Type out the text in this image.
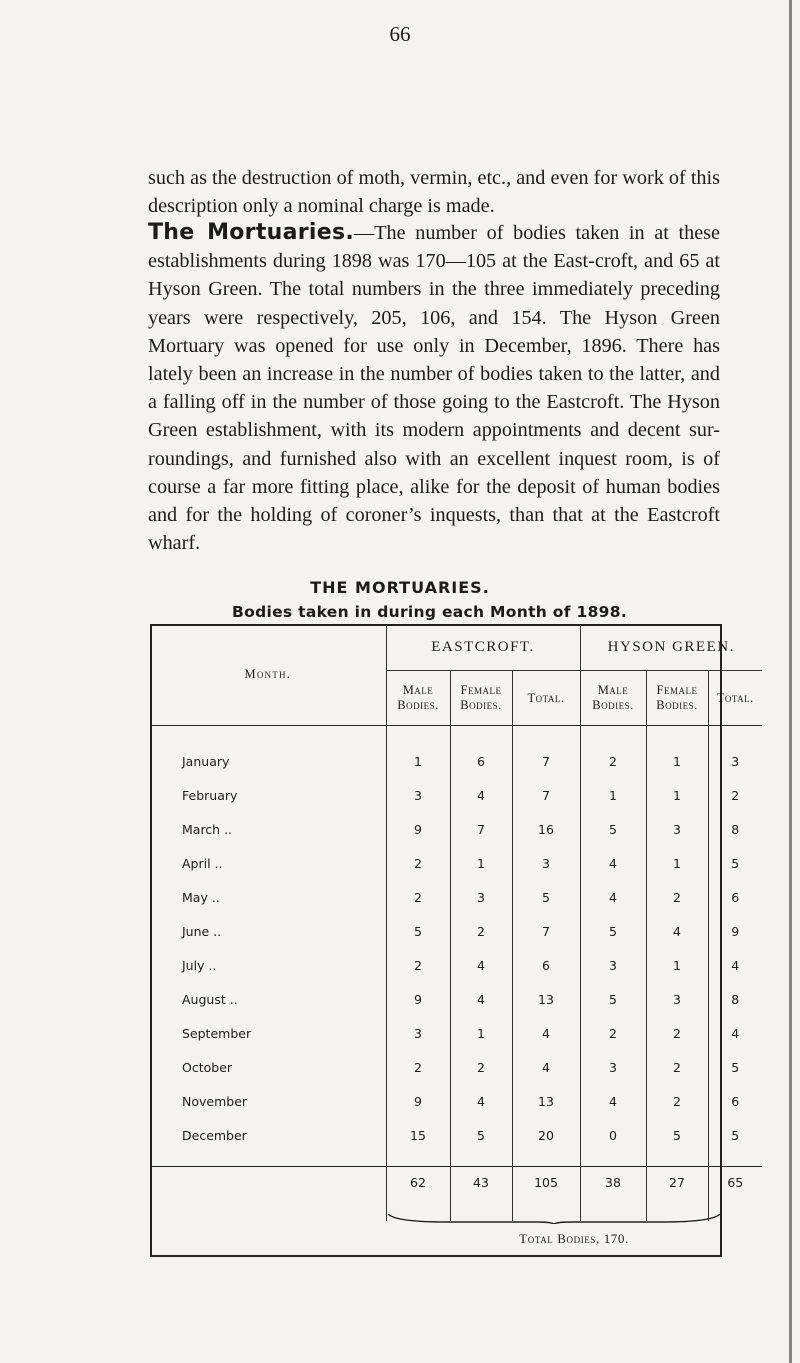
66

such as the destruction of moth, vermin, etc., and even for work of this description only a nominal charge is made.

The Mortuaries.—The number of bodies taken in at these establishments during 1898 was 170—105 at the East-croft, and 65 at Hyson Green. The total numbers in the three immediately preceding years were respectively, 205, 106, and 154. The Hyson Green Mortuary was opened for use only in December, 1896. There has lately been an increase in the number of bodies taken to the latter, and a falling off in the number of those going to the Eastcroft. The Hyson Green establishment, with its modern appointments and decent sur-roundings, and furnished also with an excellent inquest room, is of course a far more fitting place, alike for the deposit of human bodies and for the holding of coroner’s inquests, than that at the Eastcroft wharf.

THE MORTUARIES.
Bodies taken in during each Month of 1898.
Month.	EASTCROFT.			HYSON GREEN.		
	Male Bodies.	Female Bodies.	Total.	Male Bodies.	Female Bodies.	Total.
January	1	6	7	2	1	3
February	3	4	7	1	1	2
March ..	9	7	16	5	3	8
April ..	2	1	3	4	1	5
May ..	2	3	5	4	2	6
June ..	5	2	7	5	4	9
July ..	2	4	6	3	1	4
August ..	9	4	13	5	3	8
September	3	1	4	2	2	4
October	2	2	4	3	2	5
November	9	4	13	4	2	6
December	15	5	20	0	5	5
	62	43	105	38	27	65
	Total Bodies, 170.					
